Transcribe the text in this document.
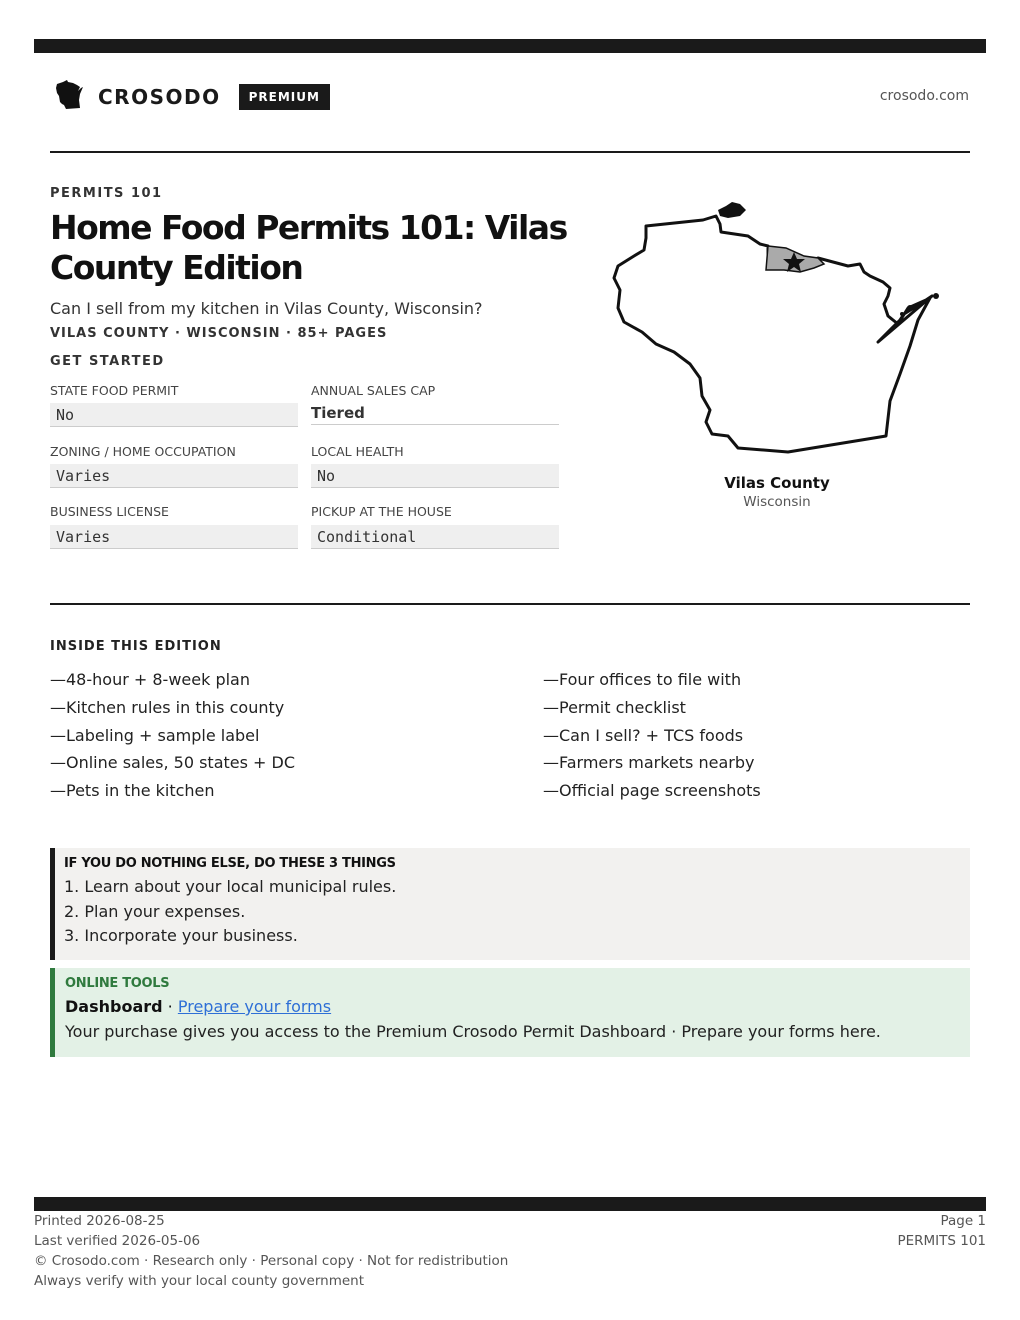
CROSODO	PREMIUM	crosodo.com
PERMITS 101
Home Food Permits 101: Vilas County Edition
Can I sell from my kitchen in Vilas County, Wisconsin?
VILAS COUNTY · WISCONSIN · 85+ PAGES
GET STARTED
STATE FOOD PERMIT
No
ANNUAL SALES CAP
Tiered
ZONING / HOME OCCUPATION
Varies
LOCAL HEALTH
No
BUSINESS LICENSE
Varies
PICKUP AT THE HOUSE
Conditional
Vilas County
Wisconsin
INSIDE THIS EDITION
—48-hour + 8-week plan
—Kitchen rules in this county
—Labeling + sample label
—Online sales, 50 states + DC
—Pets in the kitchen
—Four offices to file with
—Permit checklist
—Can I sell? + TCS foods
—Farmers markets nearby
—Official page screenshots
IF YOU DO NOTHING ELSE, DO THESE 3 THINGS
1. Learn about your local municipal rules.
2. Plan your expenses.
3. Incorporate your business.
ONLINE TOOLS
Dashboard · Prepare your forms
Your purchase gives you access to the Premium Crosodo Permit Dashboard · Prepare your forms here.
Printed 2026-08-25
Last verified 2026-05-06
© Crosodo.com · Research only · Personal copy · Not for redistribution
Always verify with your local county government
Page 1
PERMITS 101
